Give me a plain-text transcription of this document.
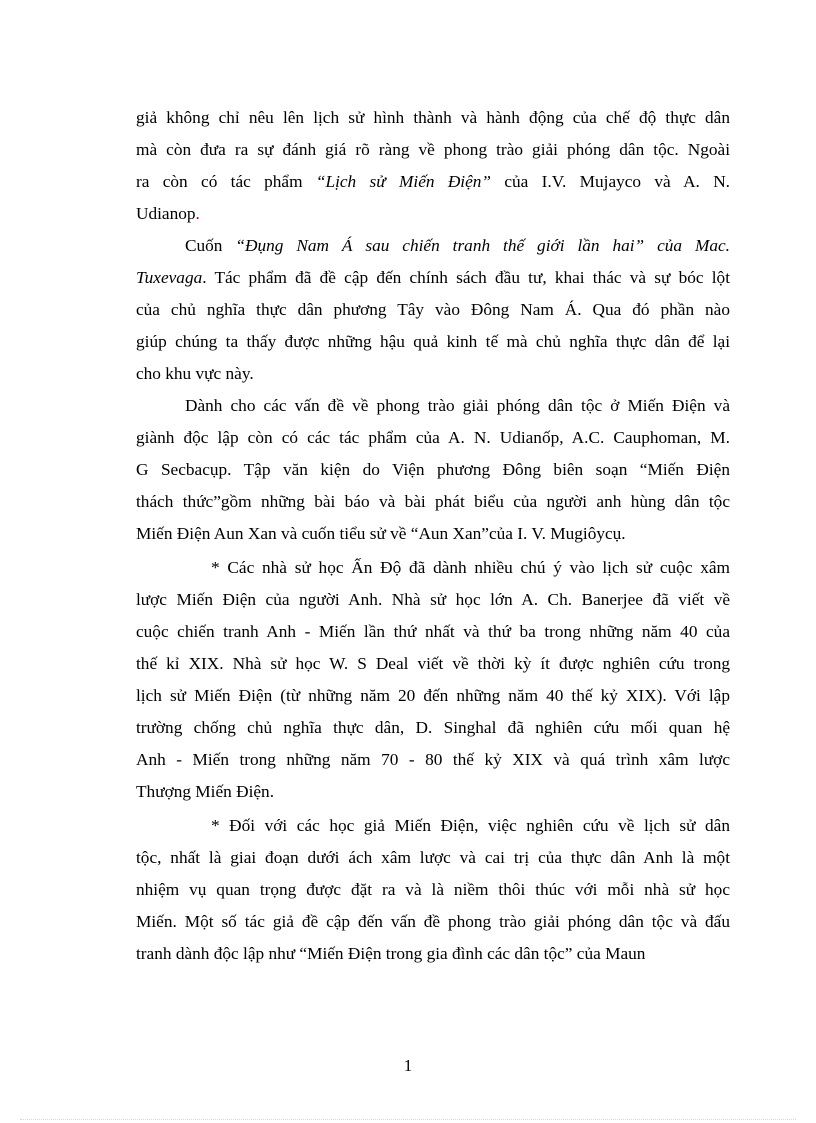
giả không chỉ nêu lên lịch sử hình thành và hành động của chế độ thực dân
mà còn đưa ra sự đánh giá rõ ràng về phong trào giải phóng dân tộc. Ngoài
ra còn có tác phẩm “Lịch sử Miến Điện” của I.V. Mujayco và A. N.
Udianop.
Cuốn “Đụng Nam Á sau chiến tranh thế giới lần hai” của Mac.
Tuxevaga. Tác phẩm đã đề cập đến chính sách đầu tư, khai thác và sự bóc lột
của chủ nghĩa thực dân phương Tây vào Đông Nam Á. Qua đó phần nào
giúp chúng ta thấy được những hậu quả kinh tế mà chủ nghĩa thực dân để lại
cho khu vực này.
Dành cho các vấn đề về phong trào giải phóng dân tộc ở Miến Điện và
giành độc lập còn có các tác phẩm của A. N. Udianốp, A.C. Cauphoman, M.
G Secbacụp. Tập văn kiện do Viện phương Đông biên soạn “Miến Điện
thách thức”gồm những bài báo và bài phát biểu của người anh hùng dân tộc
Miến Điện Aun Xan và cuốn tiểu sử về “Aun Xan”của I. V. Mugiôycụ.
* Các nhà sử học Ấn Độ đã dành nhiều chú ý vào lịch sử cuộc xâm
lược Miến Điện của người Anh. Nhà sử học lớn A. Ch. Banerjee đã viết về
cuộc chiến tranh Anh - Miến lần thứ nhất và thứ ba trong những năm 40 của
thế kỉ XIX. Nhà sử học W. S Deal viết về thời kỳ ít được nghiên cứu trong
lịch sử Miến Điện (từ những năm 20 đến những năm 40 thế kỷ XIX). Với lập
trường chống chủ nghĩa thực dân, D. Singhal đã nghiên cứu mối quan hệ
Anh - Miến trong những năm 70 - 80 thế kỷ XIX và quá trình xâm lược
Thượng Miến Điện.
* Đối với các học giả Miến Điện, việc nghiên cứu về lịch sử dân
tộc, nhất là giai đoạn dưới ách xâm lược và cai trị của thực dân Anh là một
nhiệm vụ quan trọng được đặt ra và là niềm thôi thúc với mỗi nhà sử học
Miến. Một số tác giả đề cập đến vấn đề phong trào giải phóng dân tộc và đấu
tranh dành độc lập như “Miến Điện trong gia đình các dân tộc” của Maun
1
